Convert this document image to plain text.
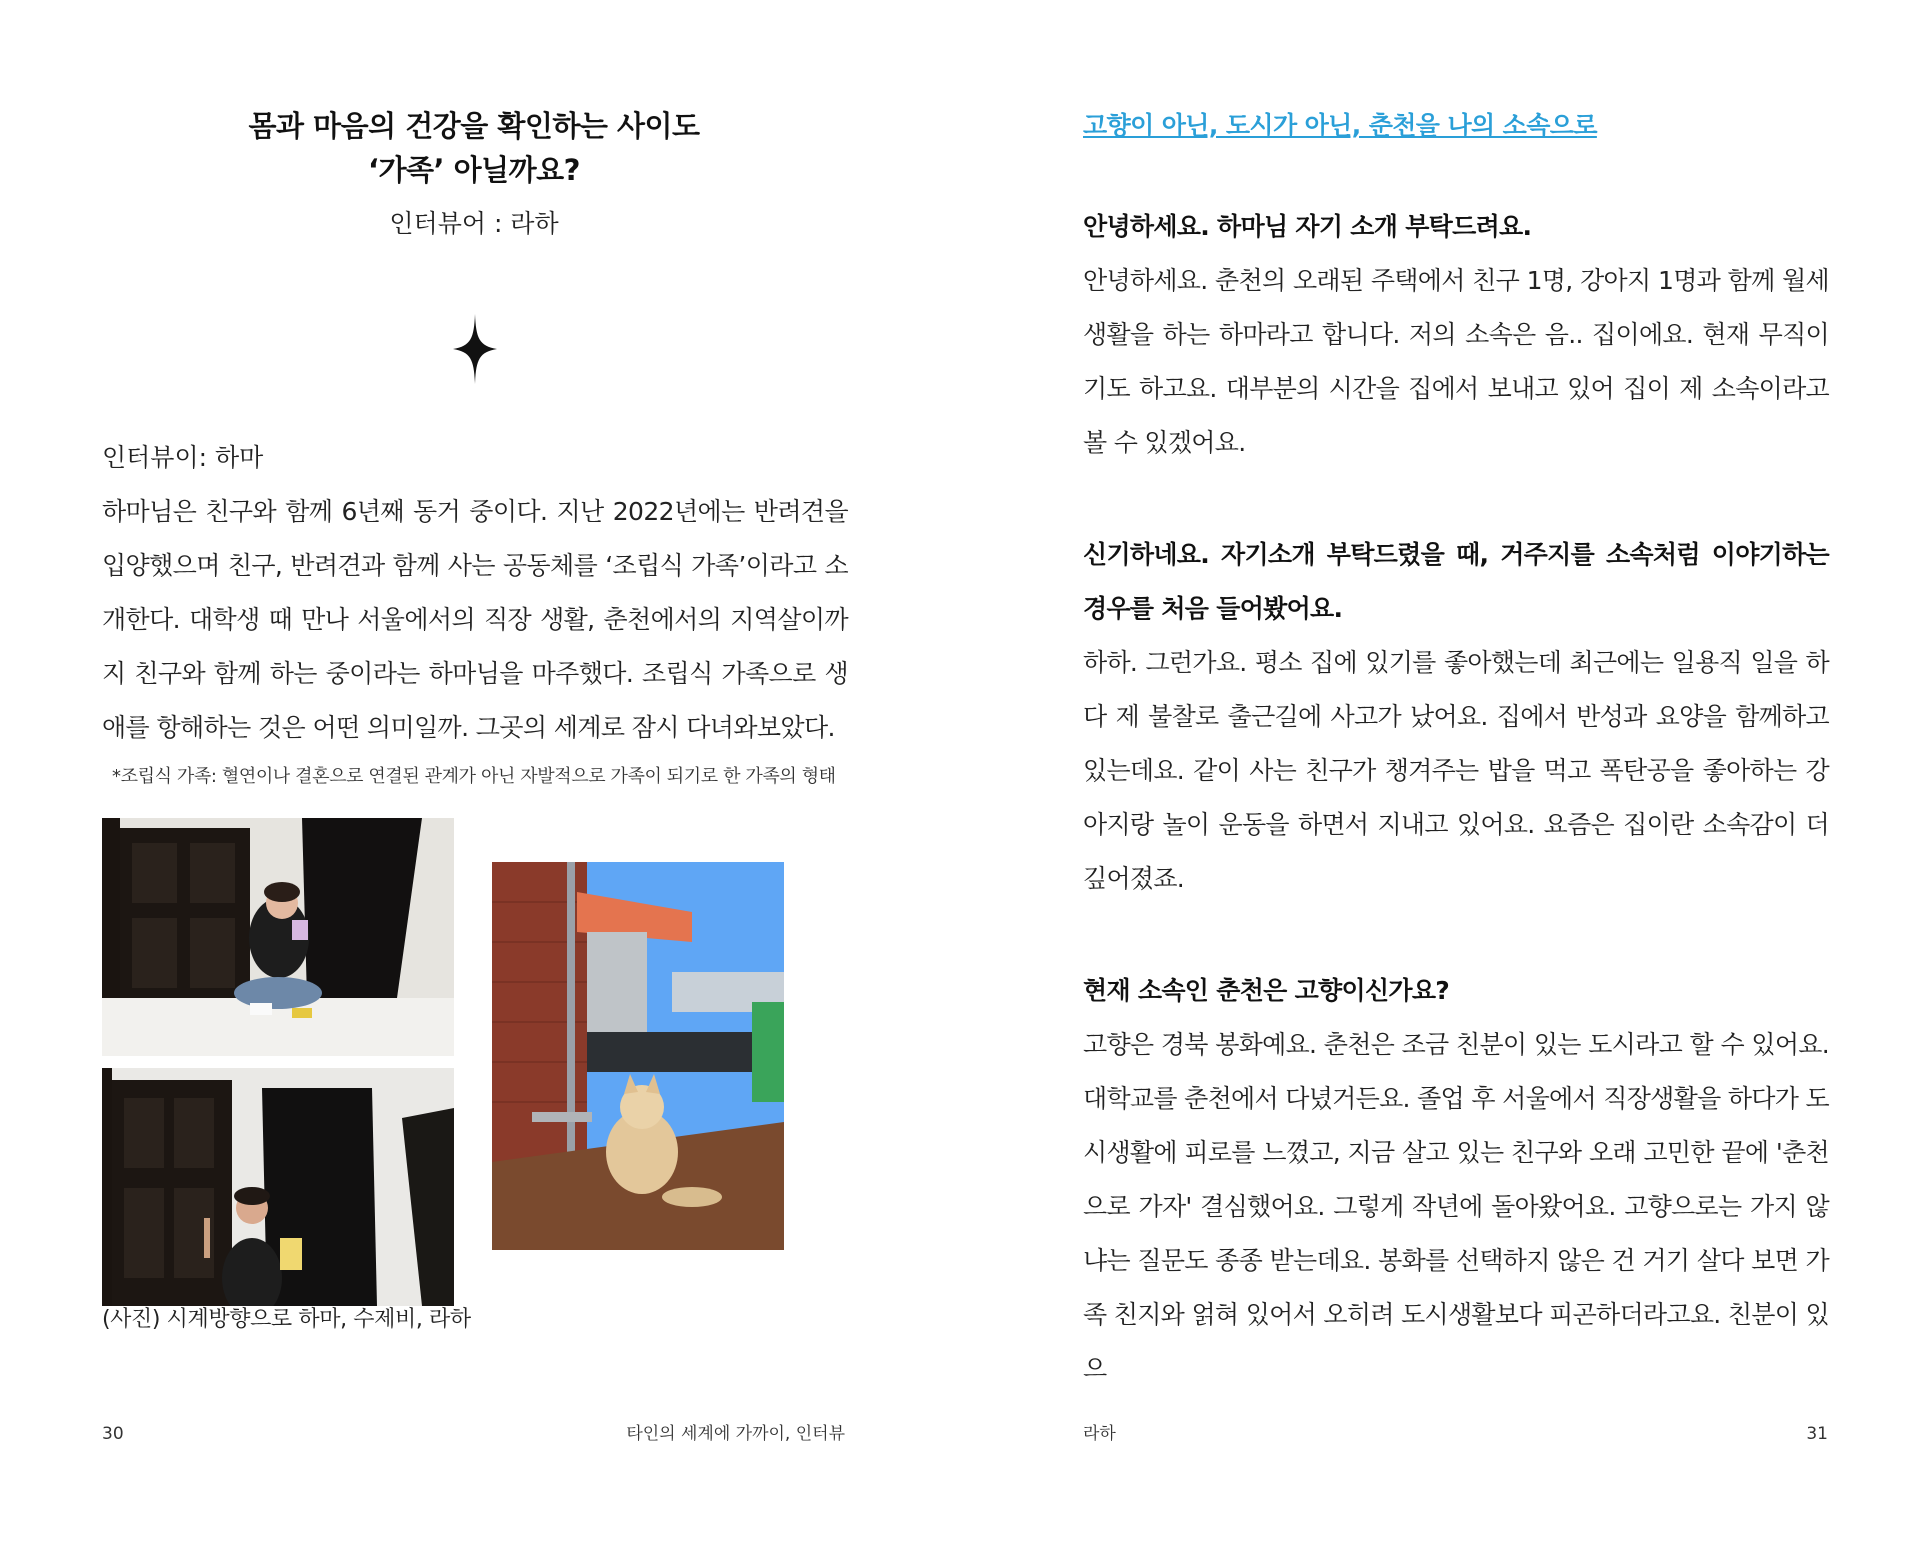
몸과 마음의 건강을 확인하는 사이도
‘가족’ 아닐까요?
인터뷰어 : 라하
인터뷰이: 하마

하마님은 친구와 함께 6년째 동거 중이다. 지난 2022년에는 반려견을 입양했으며 친구, 반려견과 함께 사는 공동체를 ‘조립식 가족’이라고 소개한다. 대학생 때 만나 서울에서의 직장 생활, 춘천에서의 지역살이까지 친구와 함께 하는 중이라는 하마님을 마주했다. 조립식 가족으로 생애를 항해하는 것은 어떤 의미일까. 그곳의 세계로 잠시 다녀와보았다.

*조립식 가족: 혈연이나 결혼으로 연결된 관계가 아닌 자발적으로 가족이 되기로 한 가족의 형태
(사진) 시계방향으로 하마, 수제비, 라하
30	타인의 세계에 가까이, 인터뷰

고향이 아닌, 도시가 아닌, 춘천을 나의 소속으로

안녕하세요. 하마님 자기 소개 부탁드려요.

안녕하세요. 춘천의 오래된 주택에서 친구 1명, 강아지 1명과 함께 월세 생활을 하는 하마라고 합니다. 저의 소속은 음.. 집이에요. 현재 무직이기도 하고요. 대부분의 시간을 집에서 보내고 있어 집이 제 소속이라고 볼 수 있겠어요.

신기하네요. 자기소개 부탁드렸을 때, 거주지를 소속처럼 이야기하는 경우를 처음 들어봤어요.

하하. 그런가요. 평소 집에 있기를 좋아했는데 최근에는 일용직 일을 하다 제 불찰로 출근길에 사고가 났어요. 집에서 반성과 요양을 함께하고 있는데요. 같이 사는 친구가 챙겨주는 밥을 먹고 폭탄공을 좋아하는 강아지랑 놀이 운동을 하면서 지내고 있어요. 요즘은 집이란 소속감이 더 깊어졌죠.

현재 소속인 춘천은 고향이신가요?

고향은 경북 봉화예요. 춘천은 조금 친분이 있는 도시라고 할 수 있어요. 대학교를 춘천에서 다녔거든요. 졸업 후 서울에서 직장생활을 하다가 도시생활에 피로를 느꼈고, 지금 살고 있는 친구와 오래 고민한 끝에 '춘천으로 가자' 결심했어요. 그렇게 작년에 돌아왔어요. 고향으로는 가지 않냐는 질문도 종종 받는데요. 봉화를 선택하지 않은 건 거기 살다 보면 가족 친지와 얽혀 있어서 오히려 도시생활보다 피곤하더라고요. 친분이 있으

라하	31
